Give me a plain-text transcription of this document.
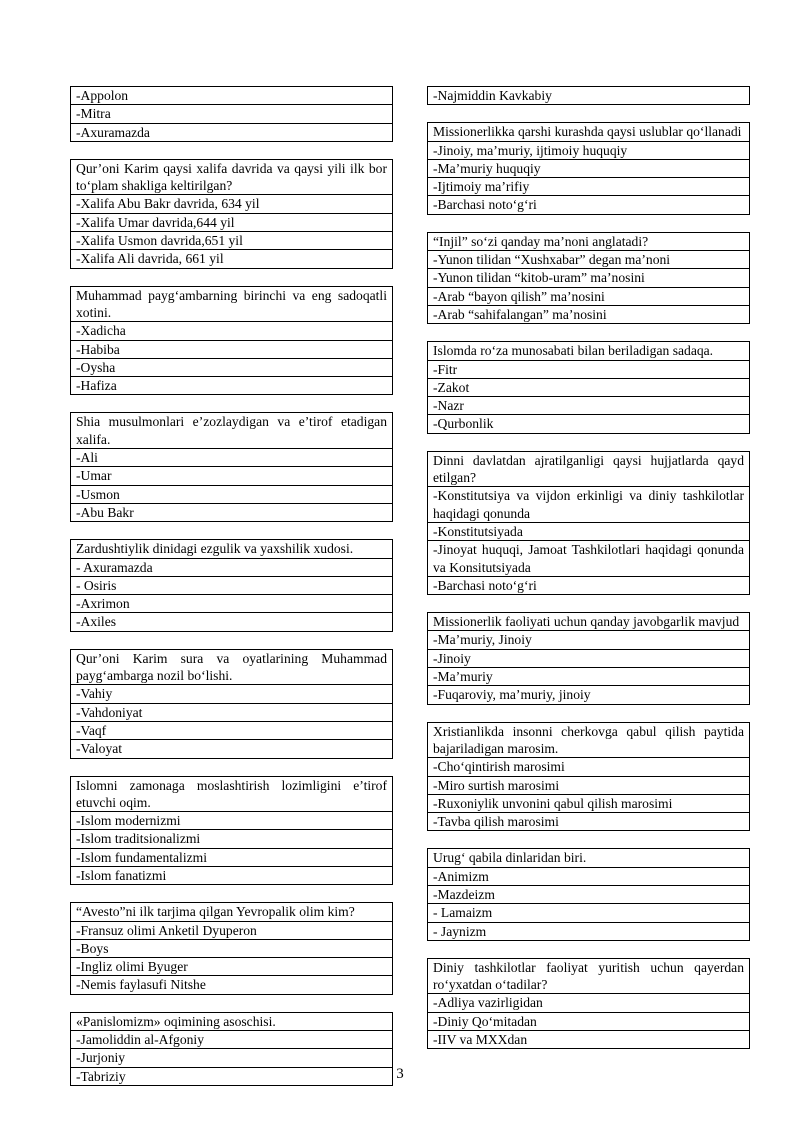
-Appolon
-Mitra
-Axuramazda
Qur’oni Karim qaysi xalifa davrida va qaysi yili ilk bor to‘plam shakliga keltirilgan?
-Xalifa Abu Bakr davrida, 634 yil
-Xalifa Umar davrida,644 yil
-Xalifa Usmon davrida,651 yil
-Xalifa Ali davrida, 661 yil
Muhammad payg‘ambarning birinchi va eng sadoqatli xotini.
-Xadicha
-Habiba
-Oysha
-Hafiza
Shia musulmonlari e’zozlaydigan va e’tirof etadigan xalifa.
-Ali
-Umar
-Usmon
-Abu Bakr
Zardushtiylik dinidagi ezgulik va yaxshilik xudosi.
- Axuramazda
- Osiris
-Axrimon
-Axiles
Qur’oni Karim sura va oyatlarining Muhammad payg‘ambarga nozil bo‘lishi.
-Vahiy
-Vahdoniyat
-Vaqf
-Valoyat
Islomni zamonaga moslashtirish lozimligini e’tirof etuvchi oqim.
-Islom modernizmi
-Islom traditsionalizmi
-Islom fundamentalizmi
-Islom fanatizmi
“Avesto”ni ilk tarjima qilgan Yevropalik olim kim?
-Fransuz olimi Anketil Dyuperon
-Boys
-Ingliz olimi Byuger
-Nemis faylasufi Nitshe
«Panislomizm» oqimining asoschisi.
-Jamoliddin al-Afgoniy
-Jurjoniy
-Tabriziy
-Najmiddin Kavkabiy
Missionerlikka qarshi kurashda qaysi uslublar qo‘llanadi
-Jinoiy, ma’muriy, ijtimoiy huquqiy
-Ma’muriy huquqiy
-Ijtimoiy ma’rifiy
-Barchasi noto‘g‘ri
“Injil” so‘zi qanday ma’noni anglatadi?
-Yunon tilidan “Xushxabar” degan ma’noni
-Yunon tilidan “kitob-uram” ma’nosini
-Arab “bayon qilish” ma’nosini
-Arab “sahifalangan” ma’nosini
Islomda ro‘za munosabati bilan beriladigan sadaqa.
-Fitr
-Zakot
-Nazr
-Qurbonlik
Dinni davlatdan ajratilganligi qaysi hujjatlarda qayd etilgan?
-Konstitutsiya va vijdon erkinligi va diniy tashkilotlar haqidagi qonunda
-Konstitutsiyada
-Jinoyat huquqi, Jamoat Tashkilotlari haqidagi qonunda va Konsitutsiyada
-Barchasi noto‘g‘ri
Missionerlik faoliyati uchun qanday javobgarlik mavjud
-Ma’muriy, Jinoiy
-Jinoiy
-Ma’muriy
-Fuqaroviy, ma’muriy, jinoiy
Xristianlikda insonni cherkovga qabul qilish paytida bajariladigan marosim.
-Cho‘qintirish marosimi
-Miro surtish marosimi
-Ruxoniylik unvonini qabul qilish marosimi
-Tavba qilish marosimi
Urug‘ qabila dinlaridan biri.
-Animizm
-Mazdeizm
- Lamaizm
- Jaynizm
Diniy tashkilotlar faoliyat yuritish uchun qayerdan ro‘yxatdan o‘tadilar?
-Adliya vazirligidan
-Diniy Qo‘mitadan
-IIV va MXXdan
3
